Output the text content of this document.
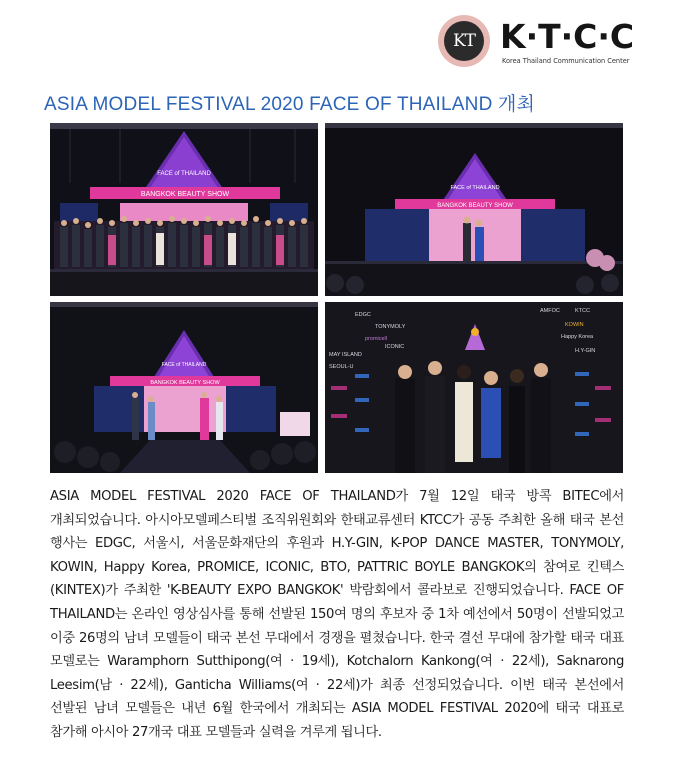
KT K·T·C·C
Korea Thailand Communication Center
ASIA MODEL FESTIVAL 2020 FACE OF THAILAND 개최
BANGKOK BEAUTY SHOW
FACE of THAILAND
FACE of THAILAND
BANGKOK BEAUTY SHOW
FACE of THAILAND
BANGKOK BEAUTY SHOW
AMFOC	KTCC
EDGC
TONYMOLY	KOWIN
Happy Korea
promicell
ICONIC
MAY ISLAND
H.Y-GIN
SEOUL-U
ASIA MODEL FESTIVAL 2020 FACE OF THAILAND가 7월 12일 태국 방콕 BITEC에서 개최되었습니다. 아시아모델페스티벌 조직위원회와 한태교류센터 KTCC가 공동 주최한 올해 태국 본선 행사는 EDGC, 서울시, 서울문화재단의 후원과 H.Y-GIN, K-POP DANCE MASTER, TONYMOLY, KOWIN, Happy Korea, PROMICE, ICONIC, BTO, PATTRIC BOYLE BANGKOK의 참여로 킨텍스(KINTEX)가 주최한 'K-BEAUTY EXPO BANGKOK' 박람회에서 콜라보로 진행되었습니다. FACE OF THAILAND는 온라인 영상심사를 통해 선발된 150여 명의 후보자 중 1차 예선에서 50명이 선발되었고 이중 26명의 남녀 모델들이 태국 본선 무대에서 경쟁을 펼쳤습니다. 한국 결선 무대에 참가할 태국 대표 모델로는 Waramphorn Sutthipong(여 · 19세), Kotchalorn Kankong(여 · 22세), Saknarong Leesim(남 · 22세), Ganticha Williams(여 · 22세)가 최종 선정되었습니다. 이번 태국 본선에서 선발된 남녀 모델들은 내년 6월 한국에서 개최되는 ASIA MODEL FESTIVAL 2020에 태국 대표로 참가해 아시아 27개국 대표 모델들과 실력을 겨루게 됩니다.
